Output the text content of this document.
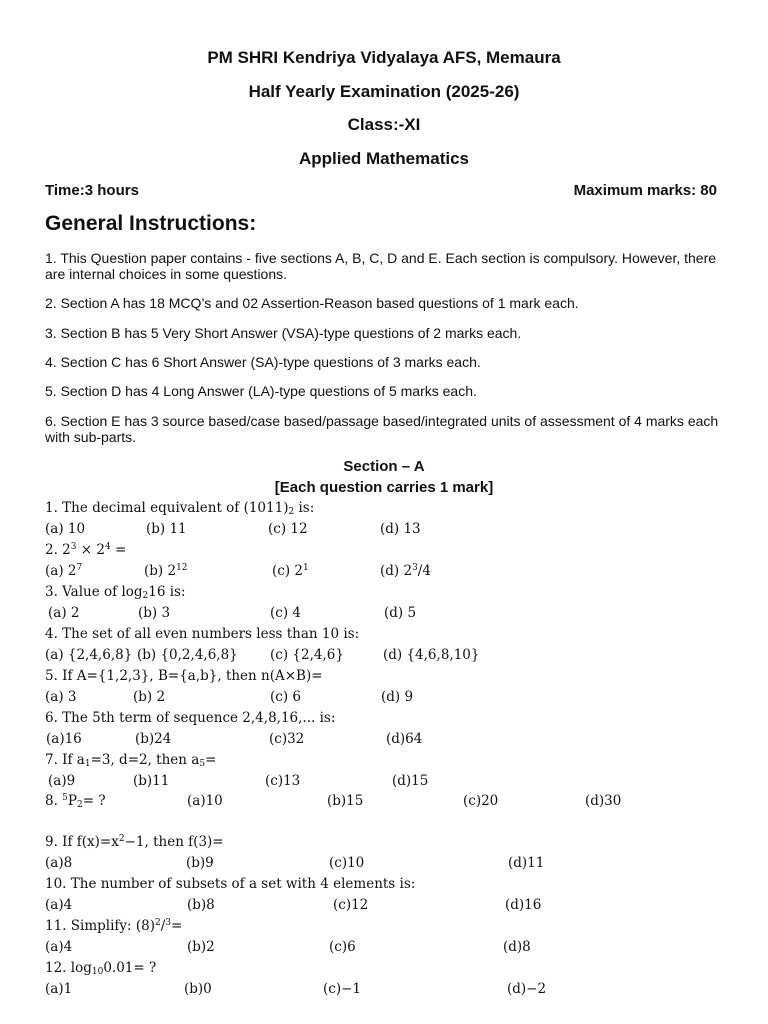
PM SHRI Kendriya Vidyalaya AFS, Memaura
Half Yearly Examination (2025-26)
Class:-XI
Applied Mathematics
Time:3 hours	Maximum marks: 80
General Instructions:
1. This Question paper contains - five sections A, B, C, D and E. Each section is compulsory. However, there are internal choices in some questions.
2. Section A has 18 MCQ’s and 02 Assertion-Reason based questions of 1 mark each.
3. Section B has 5 Very Short Answer (VSA)-type questions of 2 marks each.
4. Section C has 6 Short Answer (SA)-type questions of 3 marks each.
5. Section D has 4 Long Answer (LA)-type questions of 5 marks each.
6. Section E has 3 source based/case based/passage based/integrated units of assessment of 4 marks each with sub-parts.
Section – A
[Each question carries 1 mark]
1. The decimal equivalent of $(1011)_2$ is:
(a) 10	(b) 11	(c) 12	(d) 13
2. $2^3 \times 2^4$ =
(a) $2^7$	(b) $2^{12}$	(c) $2^1$	(d) $2^3/4$
3. Value of $\log_216$ is:
(a) 2	(b) 3	(c) 4	(d) 5
4. The set of all even numbers less than 10 is:
(a) {2,4,6,8} (b) {0,2,4,6,8} (c) {2,4,6}	(d) {4,6,8,10}
5. If A={1,2,3}, B={a,b}, then n(A×B)=
(a) 3	(b) 2	(c) 6	(d) 9
6. The 5th term of sequence 2,4,8,16,... is:
(a)16	(b)24	(c)32	(d)64
7. If $a_1=3$, d=2, then $a_5=$
(a)9	(b)11	(c)13	(d)15
8. $^5P_2=$ ?	(a)10	(b)15	(c)20	(d)30
9. If $f(x)=x^2-1$, then f(3)=
(a)8	(b)9	(c)10	(d)11
10. The number of subsets of a set with 4 elements is:
(a)4	(b)8	(c)12	(d)16
11. Simplify: $(8)^2/^3=$
(a)4	(b)2	(c)6	(d)8
12. $\log_{10}0.01=$ ?
(a)1	(b)0	(c)−1	(d)−2
